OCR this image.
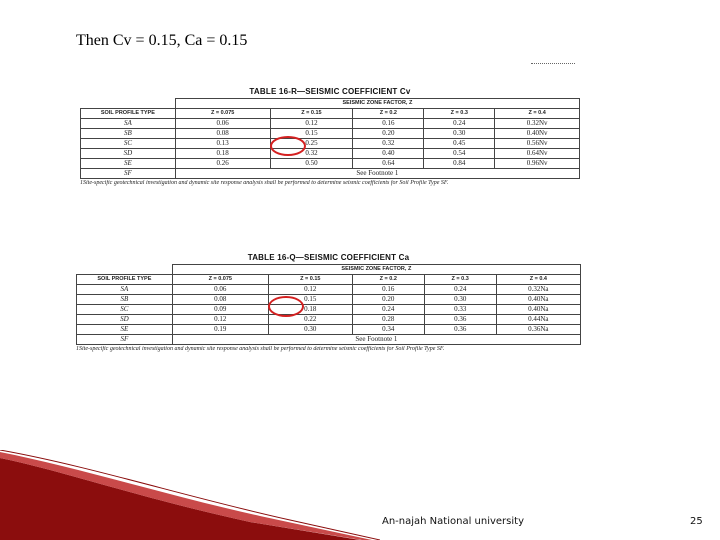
Then Cv = 0.15, Ca = 0.15
TABLE 16-R—SEISMIC COEFFICIENT Cv
	SEISMIC ZONE FACTOR, Z				
SOIL PROFILE TYPE	Z = 0.075	Z = 0.15	Z = 0.2	Z = 0.3	Z = 0.4
SA	0.06	0.12	0.16	0.24	0.32Nv
SB	0.08	0.15	0.20	0.30	0.40Nv
SC	0.13	0.25	0.32	0.45	0.56Nv
SD	0.18	0.32	0.40	0.54	0.64Nv
SE	0.26	0.50	0.64	0.84	0.96Nv
SF	See Footnote 1				
1Site-specific geotechnical investigation and dynamic site response analysis shall be performed to determine seismic coefficients for Soil Profile Type SF.
TABLE 16-Q—SEISMIC COEFFICIENT Ca
	SEISMIC ZONE FACTOR, Z				
SOIL PROFILE TYPE	Z = 0.075	Z = 0.15	Z = 0.2	Z = 0.3	Z = 0.4
SA	0.06	0.12	0.16	0.24	0.32Na
SB	0.08	0.15	0.20	0.30	0.40Na
SC	0.09	0.18	0.24	0.33	0.40Na
SD	0.12	0.22	0.28	0.36	0.44Na
SE	0.19	0.30	0.34	0.36	0.36Na
SF	See Footnote 1				
1Site-specific geotechnical investigation and dynamic site response analysis shall be performed to determine seismic coefficients for Soil Profile Type SF.
An-najah National university	25
